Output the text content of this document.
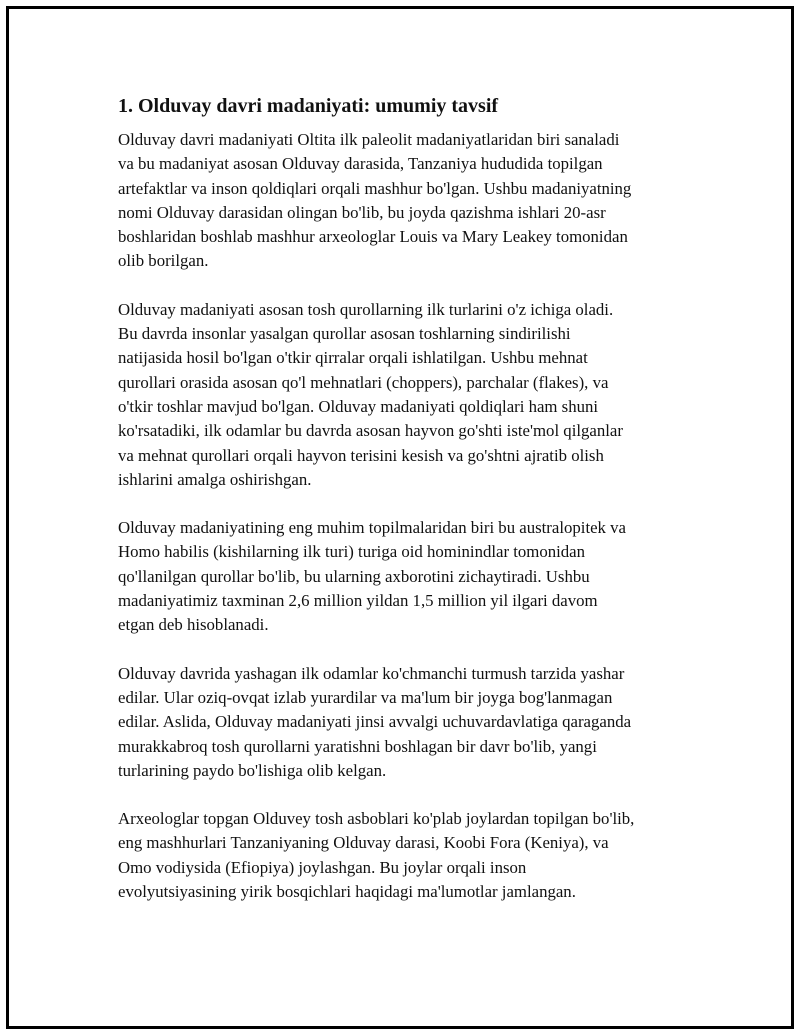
1. Olduvay davri madaniyati: umumiy tavsif
Olduvay davri madaniyati Oltita ilk paleolit madaniyatlaridan biri sanaladi
va bu madaniyat asosan Olduvay darasida, Tanzaniya hududida topilgan
artefaktlar va inson qoldiqlari orqali mashhur bo'lgan. Ushbu madaniyatning
nomi Olduvay darasidan olingan bo'lib, bu joyda qazishma ishlari 20-asr
boshlaridan boshlab mashhur arxeologlar Louis va Mary Leakey tomonidan
olib borilgan.
Olduvay madaniyati asosan tosh qurollarning ilk turlarini o'z ichiga oladi.
Bu davrda insonlar yasalgan qurollar asosan toshlarning sindirilishi
natijasida hosil bo'lgan o'tkir qirralar orqali ishlatilgan. Ushbu mehnat
qurollari orasida asosan qo'l mehnatlari (choppers), parchalar (flakes), va
o'tkir toshlar mavjud bo'lgan. Olduvay madaniyati qoldiqlari ham shuni
ko'rsatadiki, ilk odamlar bu davrda asosan hayvon go'shti iste'mol qilganlar
va mehnat qurollari orqali hayvon terisini kesish va go'shtni ajratib olish
ishlarini amalga oshirishgan.
Olduvay madaniyatining eng muhim topilmalaridan biri bu australopitek va
Homo habilis (kishilarning ilk turi) turiga oid hominindlar tomonidan
qo'llanilgan qurollar bo'lib, bu ularning axborotini zichaytiradi. Ushbu
madaniyatimiz taxminan 2,6 million yildan 1,5 million yil ilgari davom
etgan deb hisoblanadi.
Olduvay davrida yashagan ilk odamlar ko'chmanchi turmush tarzida yashar
edilar. Ular oziq-ovqat izlab yurardilar va ma'lum bir joyga bog'lanmagan
edilar. Aslida, Olduvay madaniyati jinsi avvalgi uchuvardavlatiga qaraganda
murakkabroq tosh qurollarni yaratishni boshlagan bir davr bo'lib, yangi
turlarining paydo bo'lishiga olib kelgan.
Arxeologlar topgan Olduvey tosh asboblari ko'plab joylardan topilgan bo'lib,
eng mashhurlari Tanzaniyaning Olduvay darasi, Koobi Fora (Keniya), va
Omo vodiysida (Efiopiya) joylashgan. Bu joylar orqali inson
evolyutsiyasining yirik bosqichlari haqidagi ma'lumotlar jamlangan.
